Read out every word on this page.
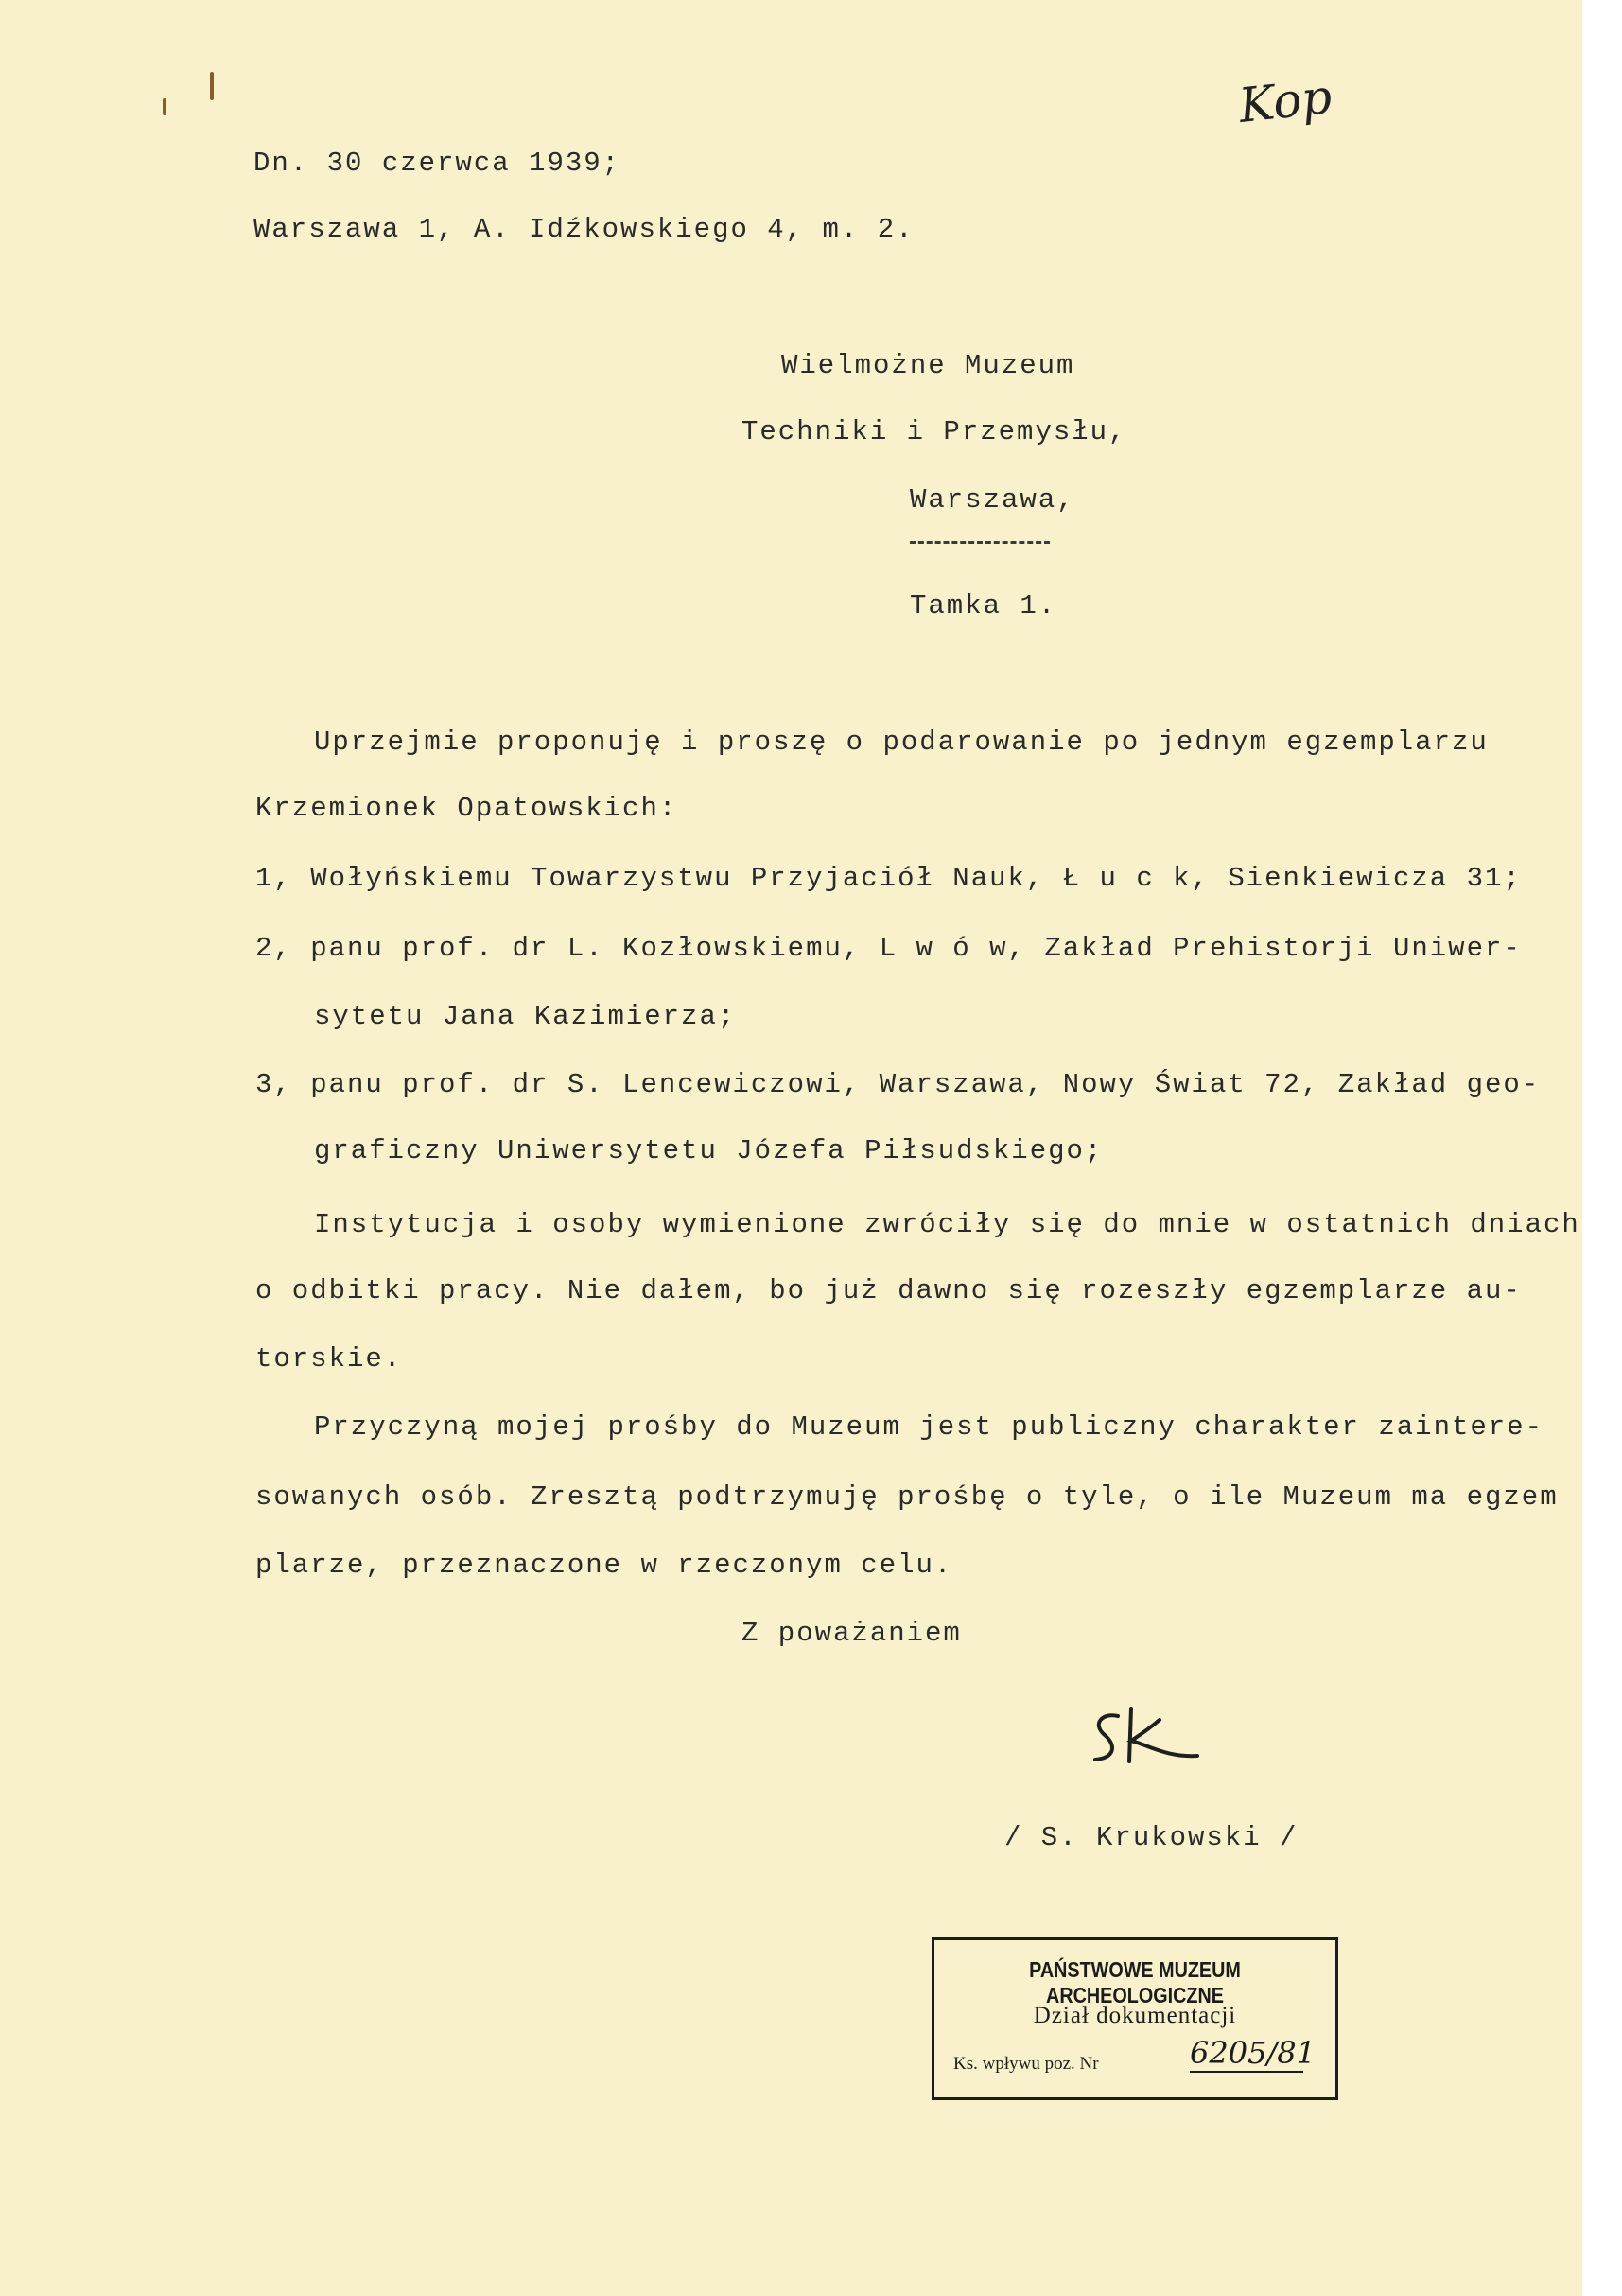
Kop
Dn. 30 czerwca 1939;
Warszawa 1, A. Idźkowskiego 4, m. 2.
Wielmożne Muzeum
Techniki i Przemysłu,
Warszawa,
Tamka 1.
Uprzejmie proponuję i proszę o podarowanie po jednym egzemplarzu
Krzemionek Opatowskich:
1, Wołyńskiemu Towarzystwu Przyjaciół Nauk, Ł u c k, Sienkiewicza 31;
2, panu prof. dr L. Kozłowskiemu, L w ó w, Zakład Prehistorji Uniwer-
sytetu Jana Kazimierza;
3, panu prof. dr S. Lencewiczowi, Warszawa, Nowy Świat 72, Zakład geo-
graficzny Uniwersytetu Józefa Piłsudskiego;
Instytucja i osoby wymienione zwróciły się do mnie w ostatnich dniach
o odbitki pracy. Nie dałem, bo już dawno się rozeszły egzemplarze au-
torskie.
Przyczyną mojej prośby do Muzeum jest publiczny charakter zaintere-
sowanych osób. Zresztą podtrzymuję prośbę o tyle, o ile Muzeum ma egzem
plarze, przeznaczone w rzeczonym celu.
Z poważaniem
/ S. Krukowski /
PAŃSTWOWE MUZEUM ARCHEOLOGICZNE
Dział dokumentacji
Ks. wpływu poz. Nr	6205/81
